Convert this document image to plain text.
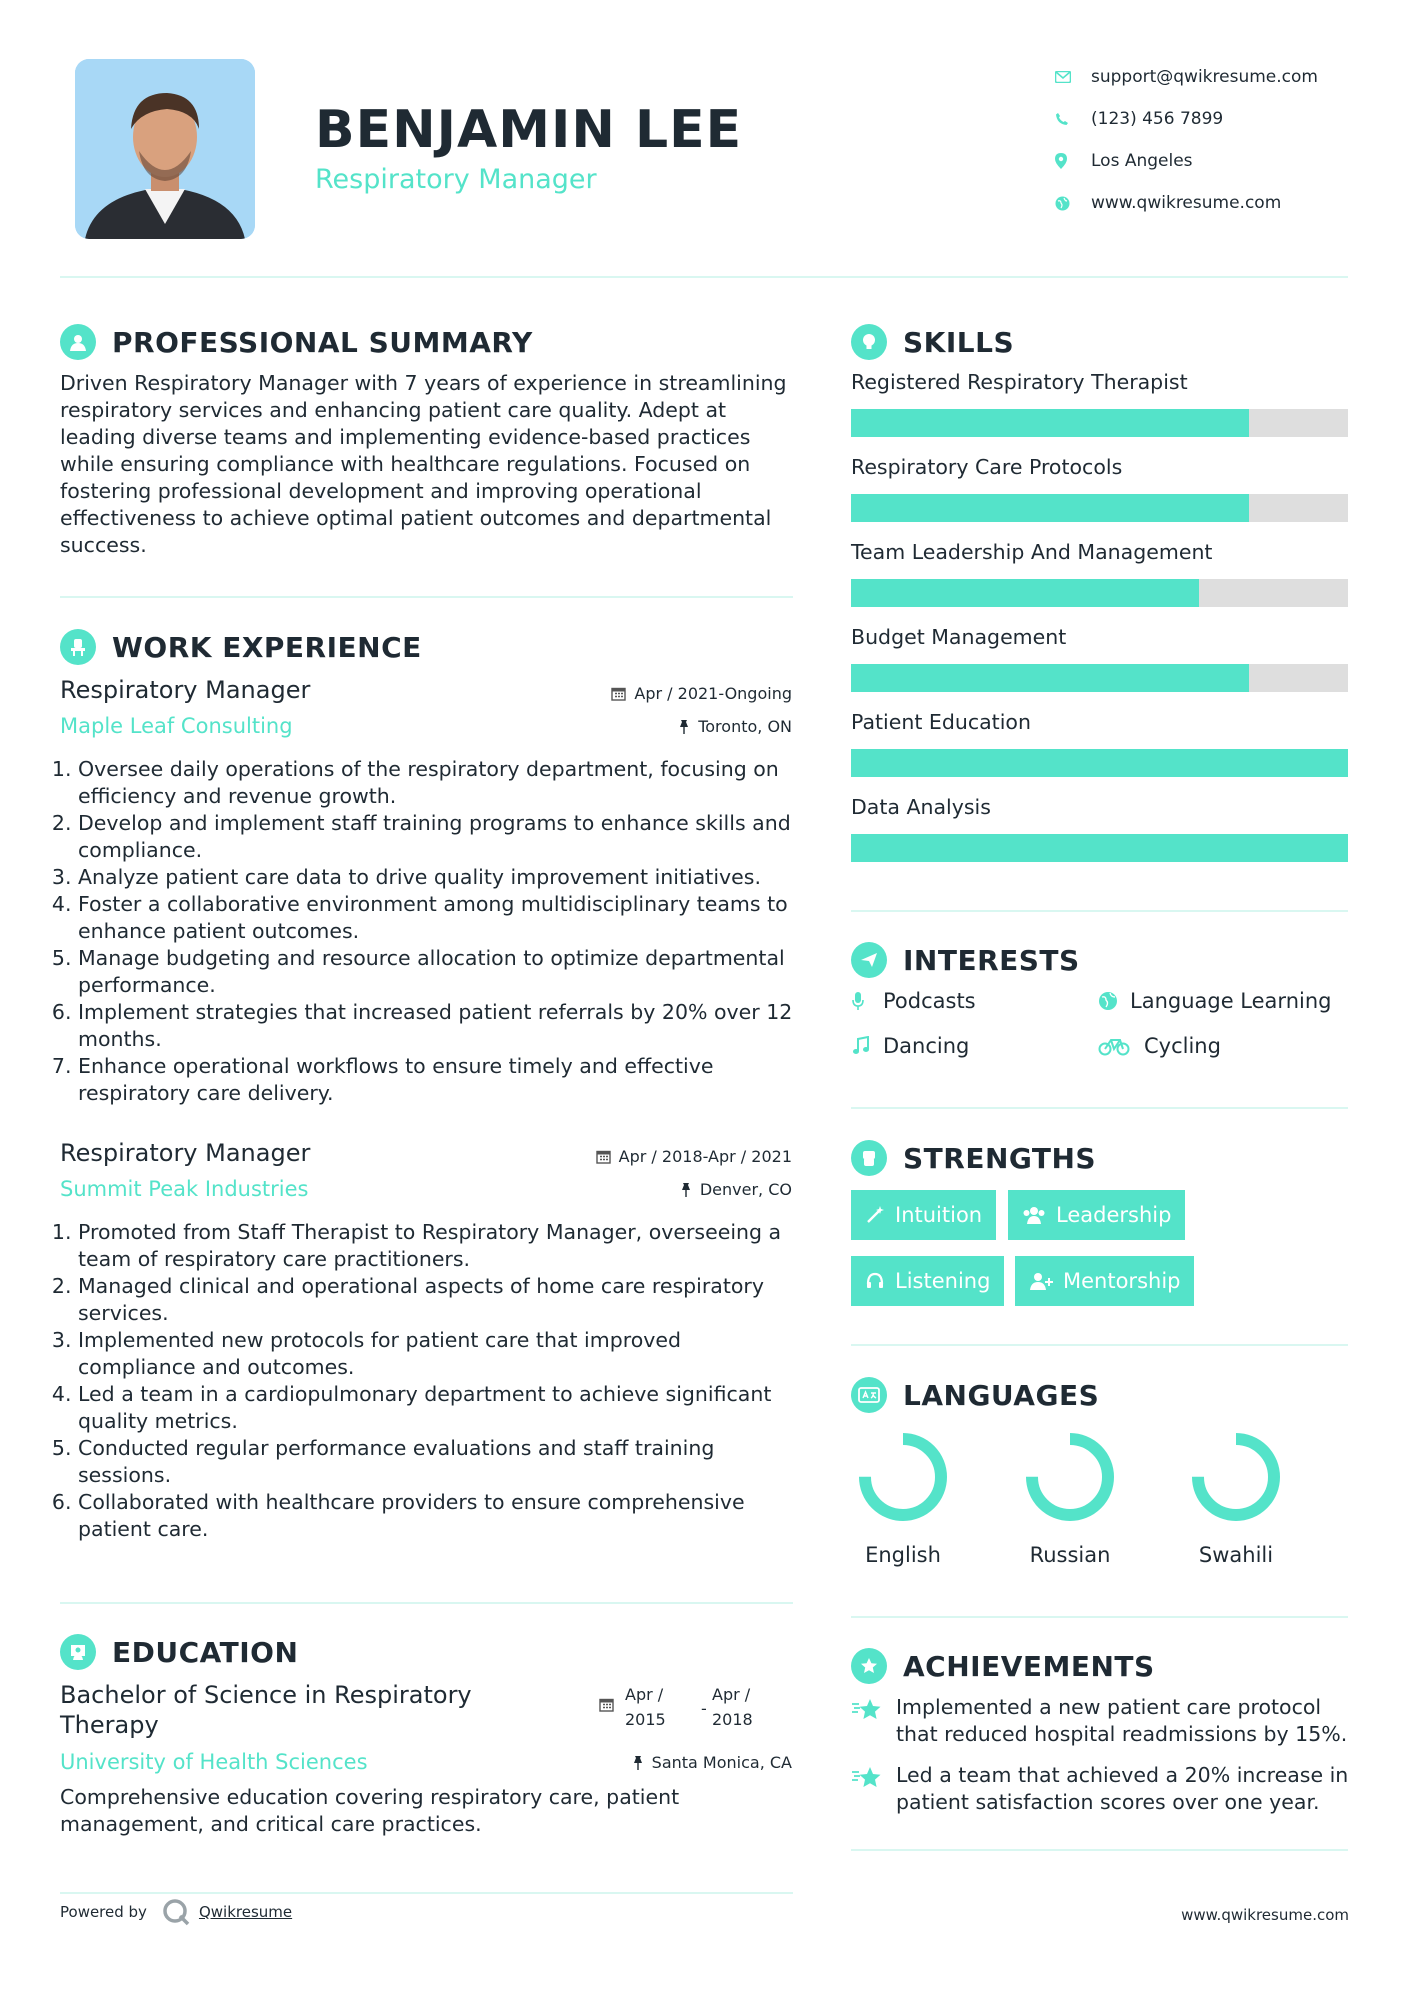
BENJAMIN LEE
Respiratory Manager
support@qwikresume.com
(123) 456 7899
Los Angeles
www.qwikresume.com
PROFESSIONAL SUMMARY
Driven Respiratory Manager with 7 years of experience in streamlining respiratory services and enhancing patient care quality. Adept at leading diverse teams and implementing evidence-based practices while ensuring compliance with healthcare regulations. Focused on fostering professional development and improving operational effectiveness to achieve optimal patient outcomes and departmental success.
WORK EXPERIENCE
Respiratory Manager
Maple Leaf Consulting
Apr / 2021-Ongoing
Toronto, ON
1. Oversee daily operations of the respiratory department, focusing on efficiency and revenue growth.
2. Develop and implement staff training programs to enhance skills and compliance.
3. Analyze patient care data to drive quality improvement initiatives.
4. Foster a collaborative environment among multidisciplinary teams to enhance patient outcomes.
5. Manage budgeting and resource allocation to optimize departmental performance.
6. Implement strategies that increased patient referrals by 20% over 12 months.
7. Enhance operational workflows to ensure timely and effective respiratory care delivery.
Respiratory Manager
Summit Peak Industries
Apr / 2018-Apr / 2021
Denver, CO
1. Promoted from Staff Therapist to Respiratory Manager, overseeing a team of respiratory care practitioners.
2. Managed clinical and operational aspects of home care respiratory services.
3. Implemented new protocols for patient care that improved compliance and outcomes.
4. Led a team in a cardiopulmonary department to achieve significant quality metrics.
5. Conducted regular performance evaluations and staff training sessions.
6. Collaborated with healthcare providers to ensure comprehensive patient care.
EDUCATION
Bachelor of Science in Respiratory Therapy
University of Health Sciences
Apr /
2015
-
Apr /
2018
Santa Monica, CA
Comprehensive education covering respiratory care, patient management, and critical care practices.
SKILLS
Registered Respiratory Therapist
Respiratory Care Protocols
Team Leadership And Management
Budget Management
Patient Education
Data Analysis
INTERESTS
Podcasts	Language Learning
Dancing	Cycling
STRENGTHS
Intuition	Leadership
Listening	Mentorship
LANGUAGES
English	Russian	Swahili
ACHIEVEMENTS
Implemented a new patient care protocol that reduced hospital readmissions by 15%.
Led a team that achieved a 20% increase in patient satisfaction scores over one year.
Powered by	Qwikresume	www.qwikresume.com
